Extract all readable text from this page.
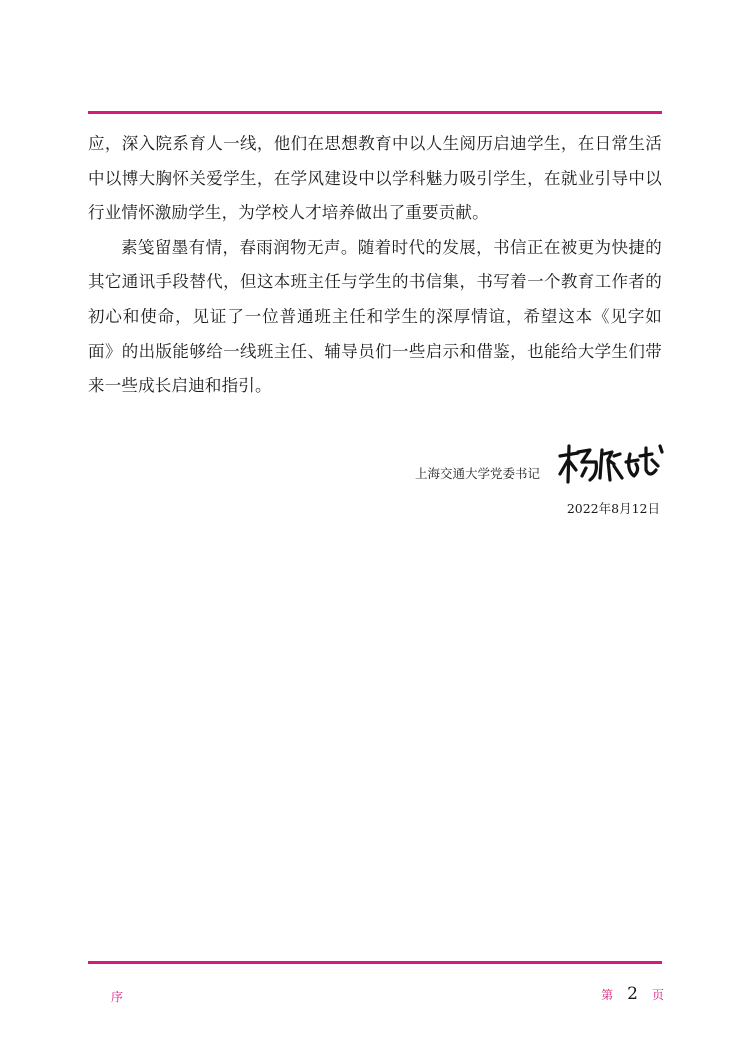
应，深入院系育人一线，他们在思想教育中以人生阅历启迪学生，在日常生活中以博大胸怀关爱学生，在学风建设中以学科魅力吸引学生，在就业引导中以行业情怀激励学生，为学校人才培养做出了重要贡献。

素笺留墨有情，春雨润物无声。随着时代的发展，书信正在被更为快捷的其它通讯手段替代，但这本班主任与学生的书信集，书写着一个教育工作者的初心和使命，见证了一位普通班主任和学生的深厚情谊，希望这本《见字如面》的出版能够给一线班主任、辅导员们一些启示和借鉴，也能给大学生们带来一些成长启迪和指引。

上海交通大学党委书记
2022年8月12日
序	第 2 页
